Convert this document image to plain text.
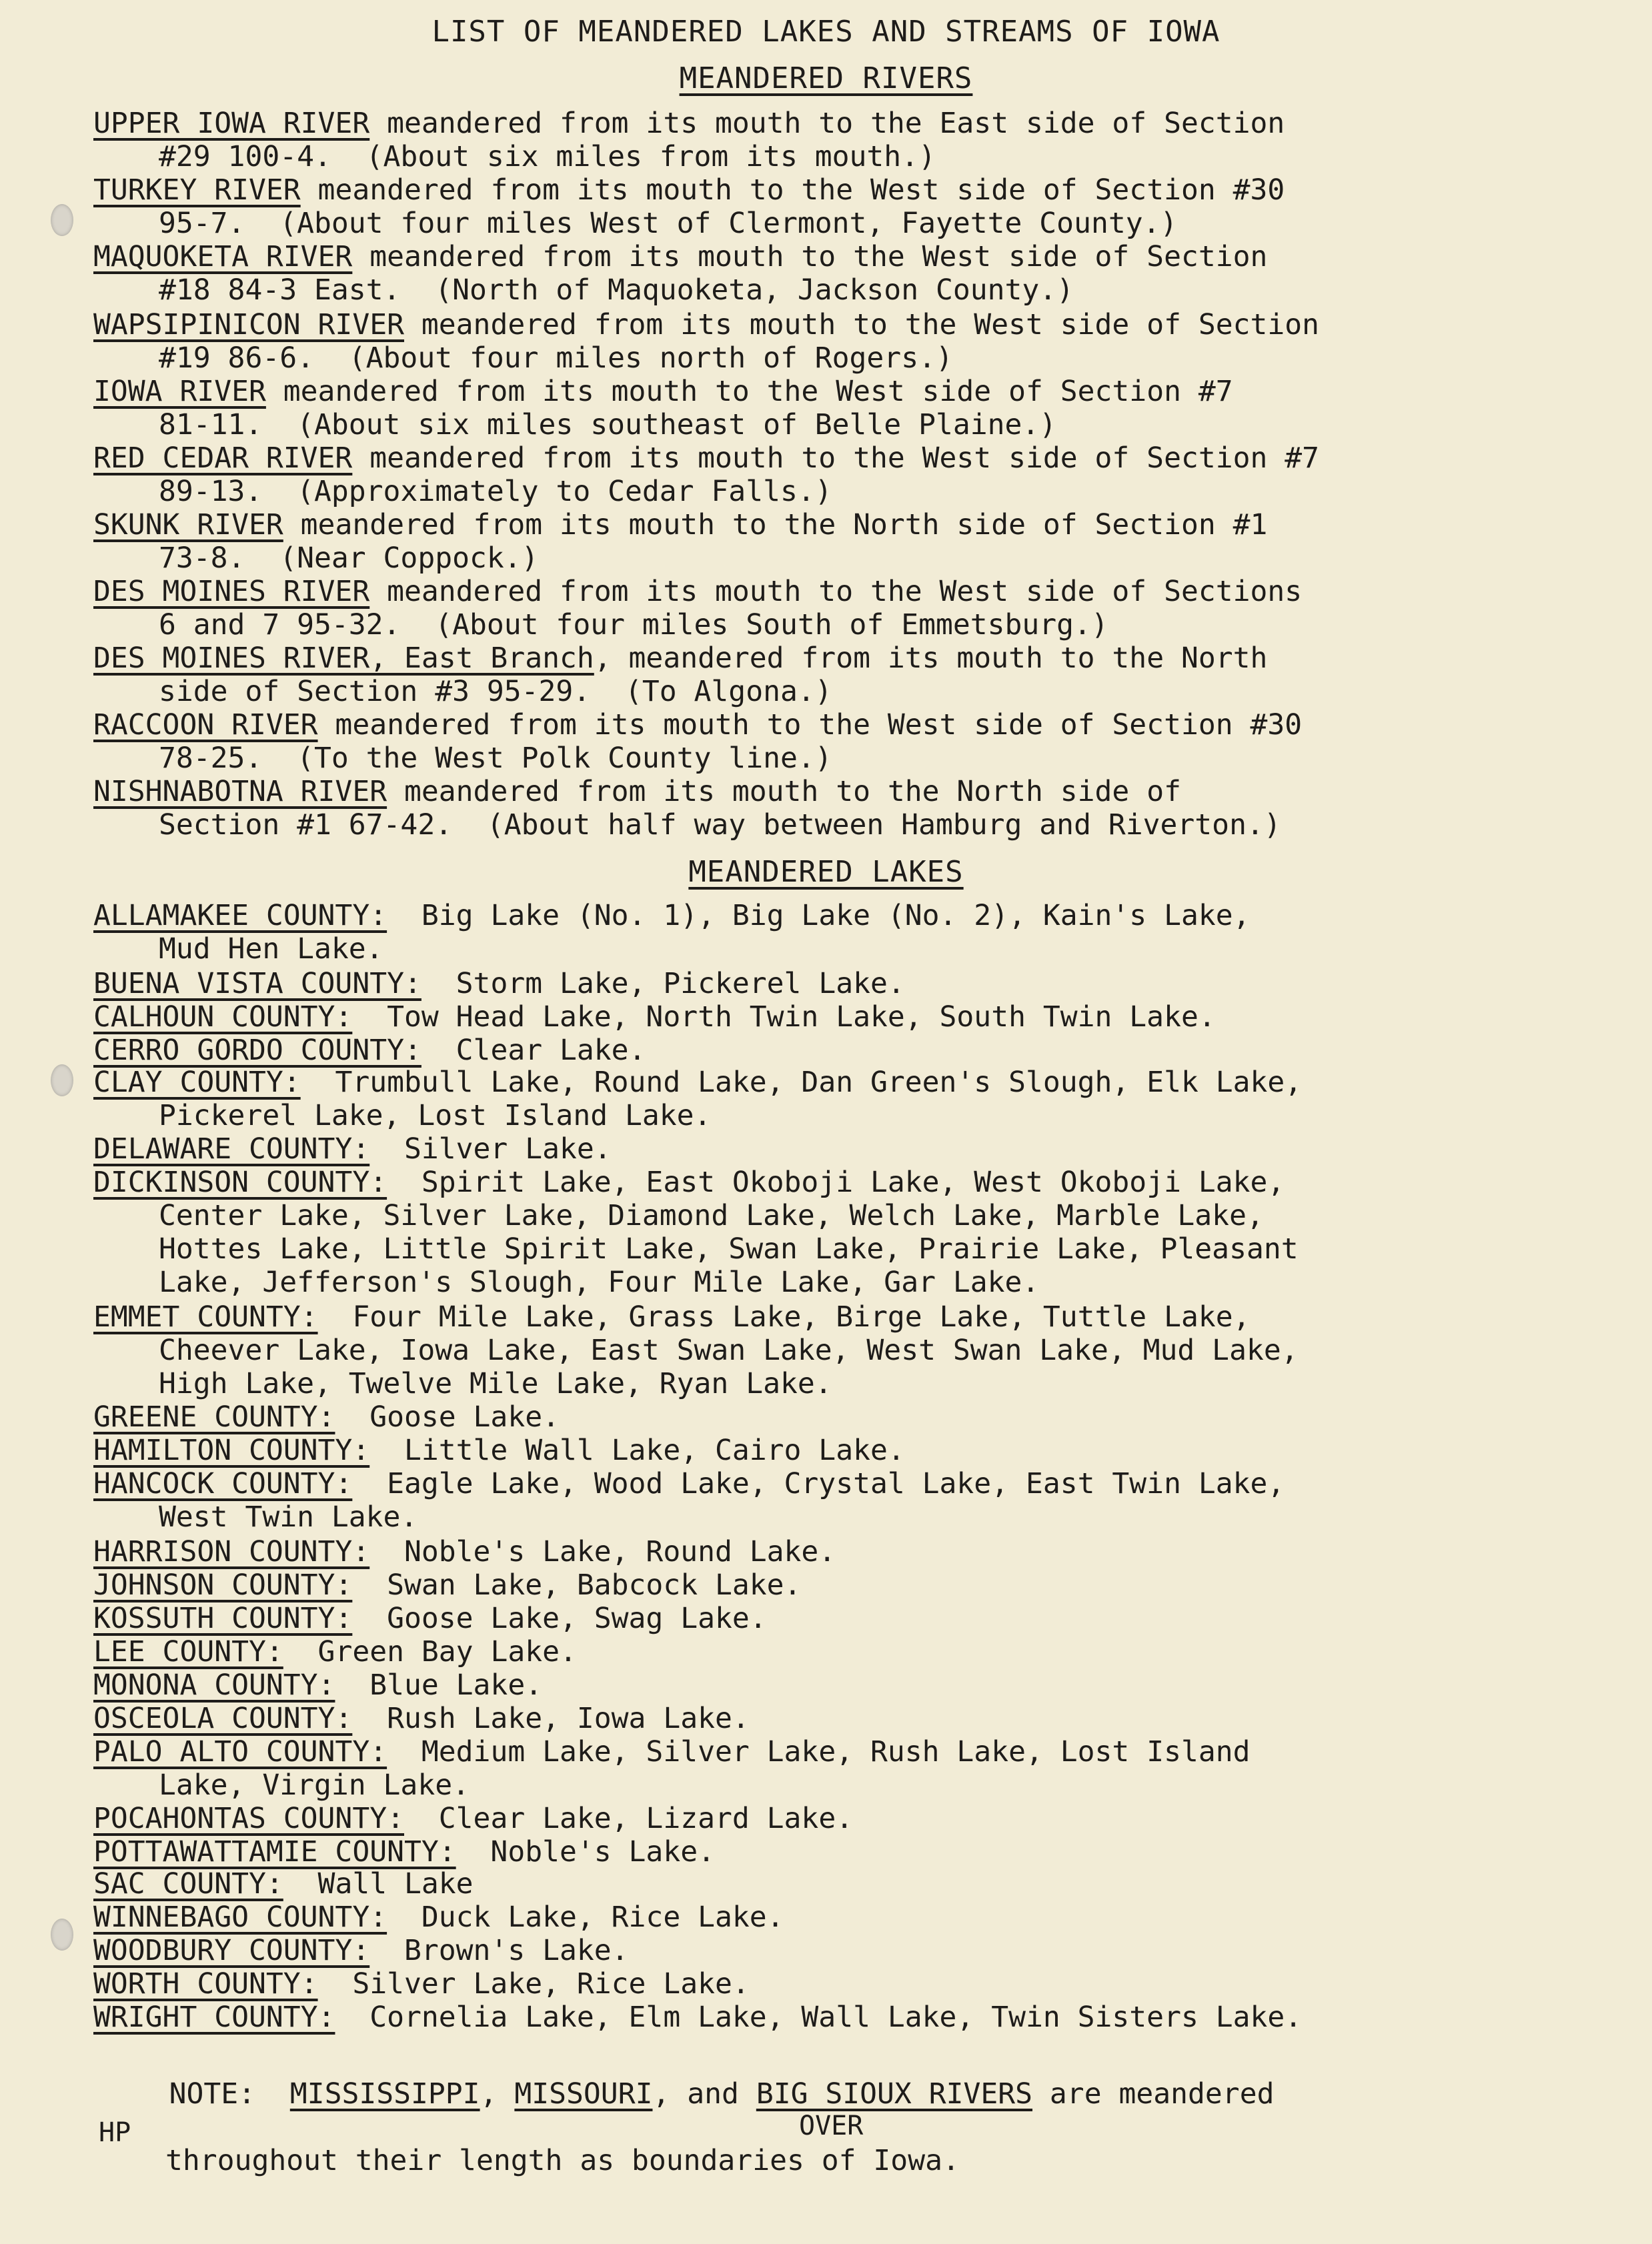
LIST OF MEANDERED LAKES AND STREAMS OF IOWA
MEANDERED RIVERS
UPPER IOWA RIVER meandered from its mouth to the East side of Section
#29 100-4.  (About six miles from its mouth.)
TURKEY RIVER meandered from its mouth to the West side of Section #30
95-7.  (About four miles West of Clermont, Fayette County.)
MAQUOKETA RIVER meandered from its mouth to the West side of Section
#18 84-3 East.  (North of Maquoketa, Jackson County.)
WAPSIPINICON RIVER meandered from its mouth to the West side of Section
#19 86-6.  (About four miles north of Rogers.)
IOWA RIVER meandered from its mouth to the West side of Section #7
81-11.  (About six miles southeast of Belle Plaine.)
RED CEDAR RIVER meandered from its mouth to the West side of Section #7
89-13.  (Approximately to Cedar Falls.)
SKUNK RIVER meandered from its mouth to the North side of Section #1
73-8.  (Near Coppock.)
DES MOINES RIVER meandered from its mouth to the West side of Sections
6 and 7 95-32.  (About four miles South of Emmetsburg.)
DES MOINES RIVER, East Branch, meandered from its mouth to the North
side of Section #3 95-29.  (To Algona.)
RACCOON RIVER meandered from its mouth to the West side of Section #30
78-25.  (To the West Polk County line.)
NISHNABOTNA RIVER meandered from its mouth to the North side of
Section #1 67-42.  (About half way between Hamburg and Riverton.)
MEANDERED LAKES
ALLAMAKEE COUNTY:  Big Lake (No. 1), Big Lake (No. 2), Kain's Lake,
Mud Hen Lake.
BUENA VISTA COUNTY:  Storm Lake, Pickerel Lake.
CALHOUN COUNTY:  Tow Head Lake, North Twin Lake, South Twin Lake.
CERRO GORDO COUNTY:  Clear Lake.
CLAY COUNTY:  Trumbull Lake, Round Lake, Dan Green's Slough, Elk Lake,
Pickerel Lake, Lost Island Lake.
DELAWARE COUNTY:  Silver Lake.
DICKINSON COUNTY:  Spirit Lake, East Okoboji Lake, West Okoboji Lake,
Center Lake, Silver Lake, Diamond Lake, Welch Lake, Marble Lake,
Hottes Lake, Little Spirit Lake, Swan Lake, Prairie Lake, Pleasant
Lake, Jefferson's Slough, Four Mile Lake, Gar Lake.
EMMET COUNTY:  Four Mile Lake, Grass Lake, Birge Lake, Tuttle Lake,
Cheever Lake, Iowa Lake, East Swan Lake, West Swan Lake, Mud Lake,
High Lake, Twelve Mile Lake, Ryan Lake.
GREENE COUNTY:  Goose Lake.
HAMILTON COUNTY:  Little Wall Lake, Cairo Lake.
HANCOCK COUNTY:  Eagle Lake, Wood Lake, Crystal Lake, East Twin Lake,
West Twin Lake.
HARRISON COUNTY:  Noble's Lake, Round Lake.
JOHNSON COUNTY:  Swan Lake, Babcock Lake.
KOSSUTH COUNTY:  Goose Lake, Swag Lake.
LEE COUNTY:  Green Bay Lake.
MONONA COUNTY:  Blue Lake.
OSCEOLA COUNTY:  Rush Lake, Iowa Lake.
PALO ALTO COUNTY:  Medium Lake, Silver Lake, Rush Lake, Lost Island
Lake, Virgin Lake.
POCAHONTAS COUNTY:  Clear Lake, Lizard Lake.
POTTAWATTAMIE COUNTY:  Noble's Lake.
SAC COUNTY:  Wall Lake
WINNEBAGO COUNTY:  Duck Lake, Rice Lake.
WOODBURY COUNTY:  Brown's Lake.
WORTH COUNTY:  Silver Lake, Rice Lake.
WRIGHT COUNTY:  Cornelia Lake, Elm Lake, Wall Lake, Twin Sisters Lake.

NOTE: MISSISSIPPI, MISSOURI, and BIG SIOUX RIVERS are meandered

throughout their length as boundaries of Iowa.

HP	OVER
